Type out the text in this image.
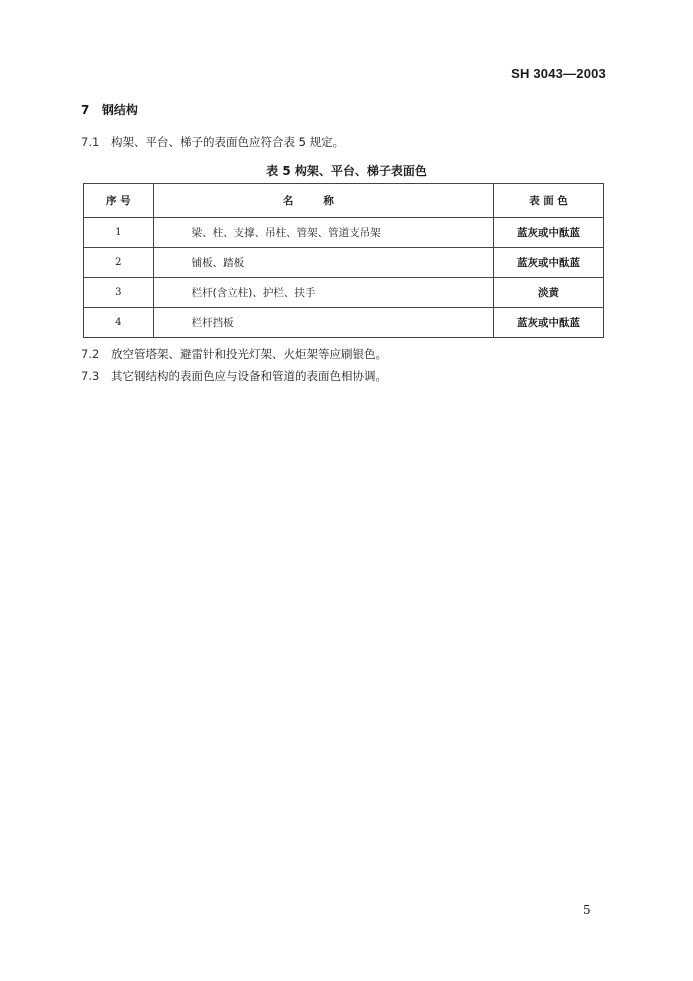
SH 3043—2003
7 钢结构
7.1 构架、平台、梯子的表面色应符合表 5 规定。
表 5 构架、平台、梯子表面色
序 号	名称	表 面 色
1	梁、柱、支撑、吊柱、管架、管道支吊架	蓝灰或中酞蓝
2	铺板、踏板	蓝灰或中酞蓝
3	栏杆(含立柱)、护栏、扶手	淡黄
4	栏杆挡板	蓝灰或中酞蓝
7.2 放空管塔架、避雷针和投光灯架、火炬架等应刷银色。
7.3 其它钢结构的表面色应与设备和管道的表面色相协调。
5
